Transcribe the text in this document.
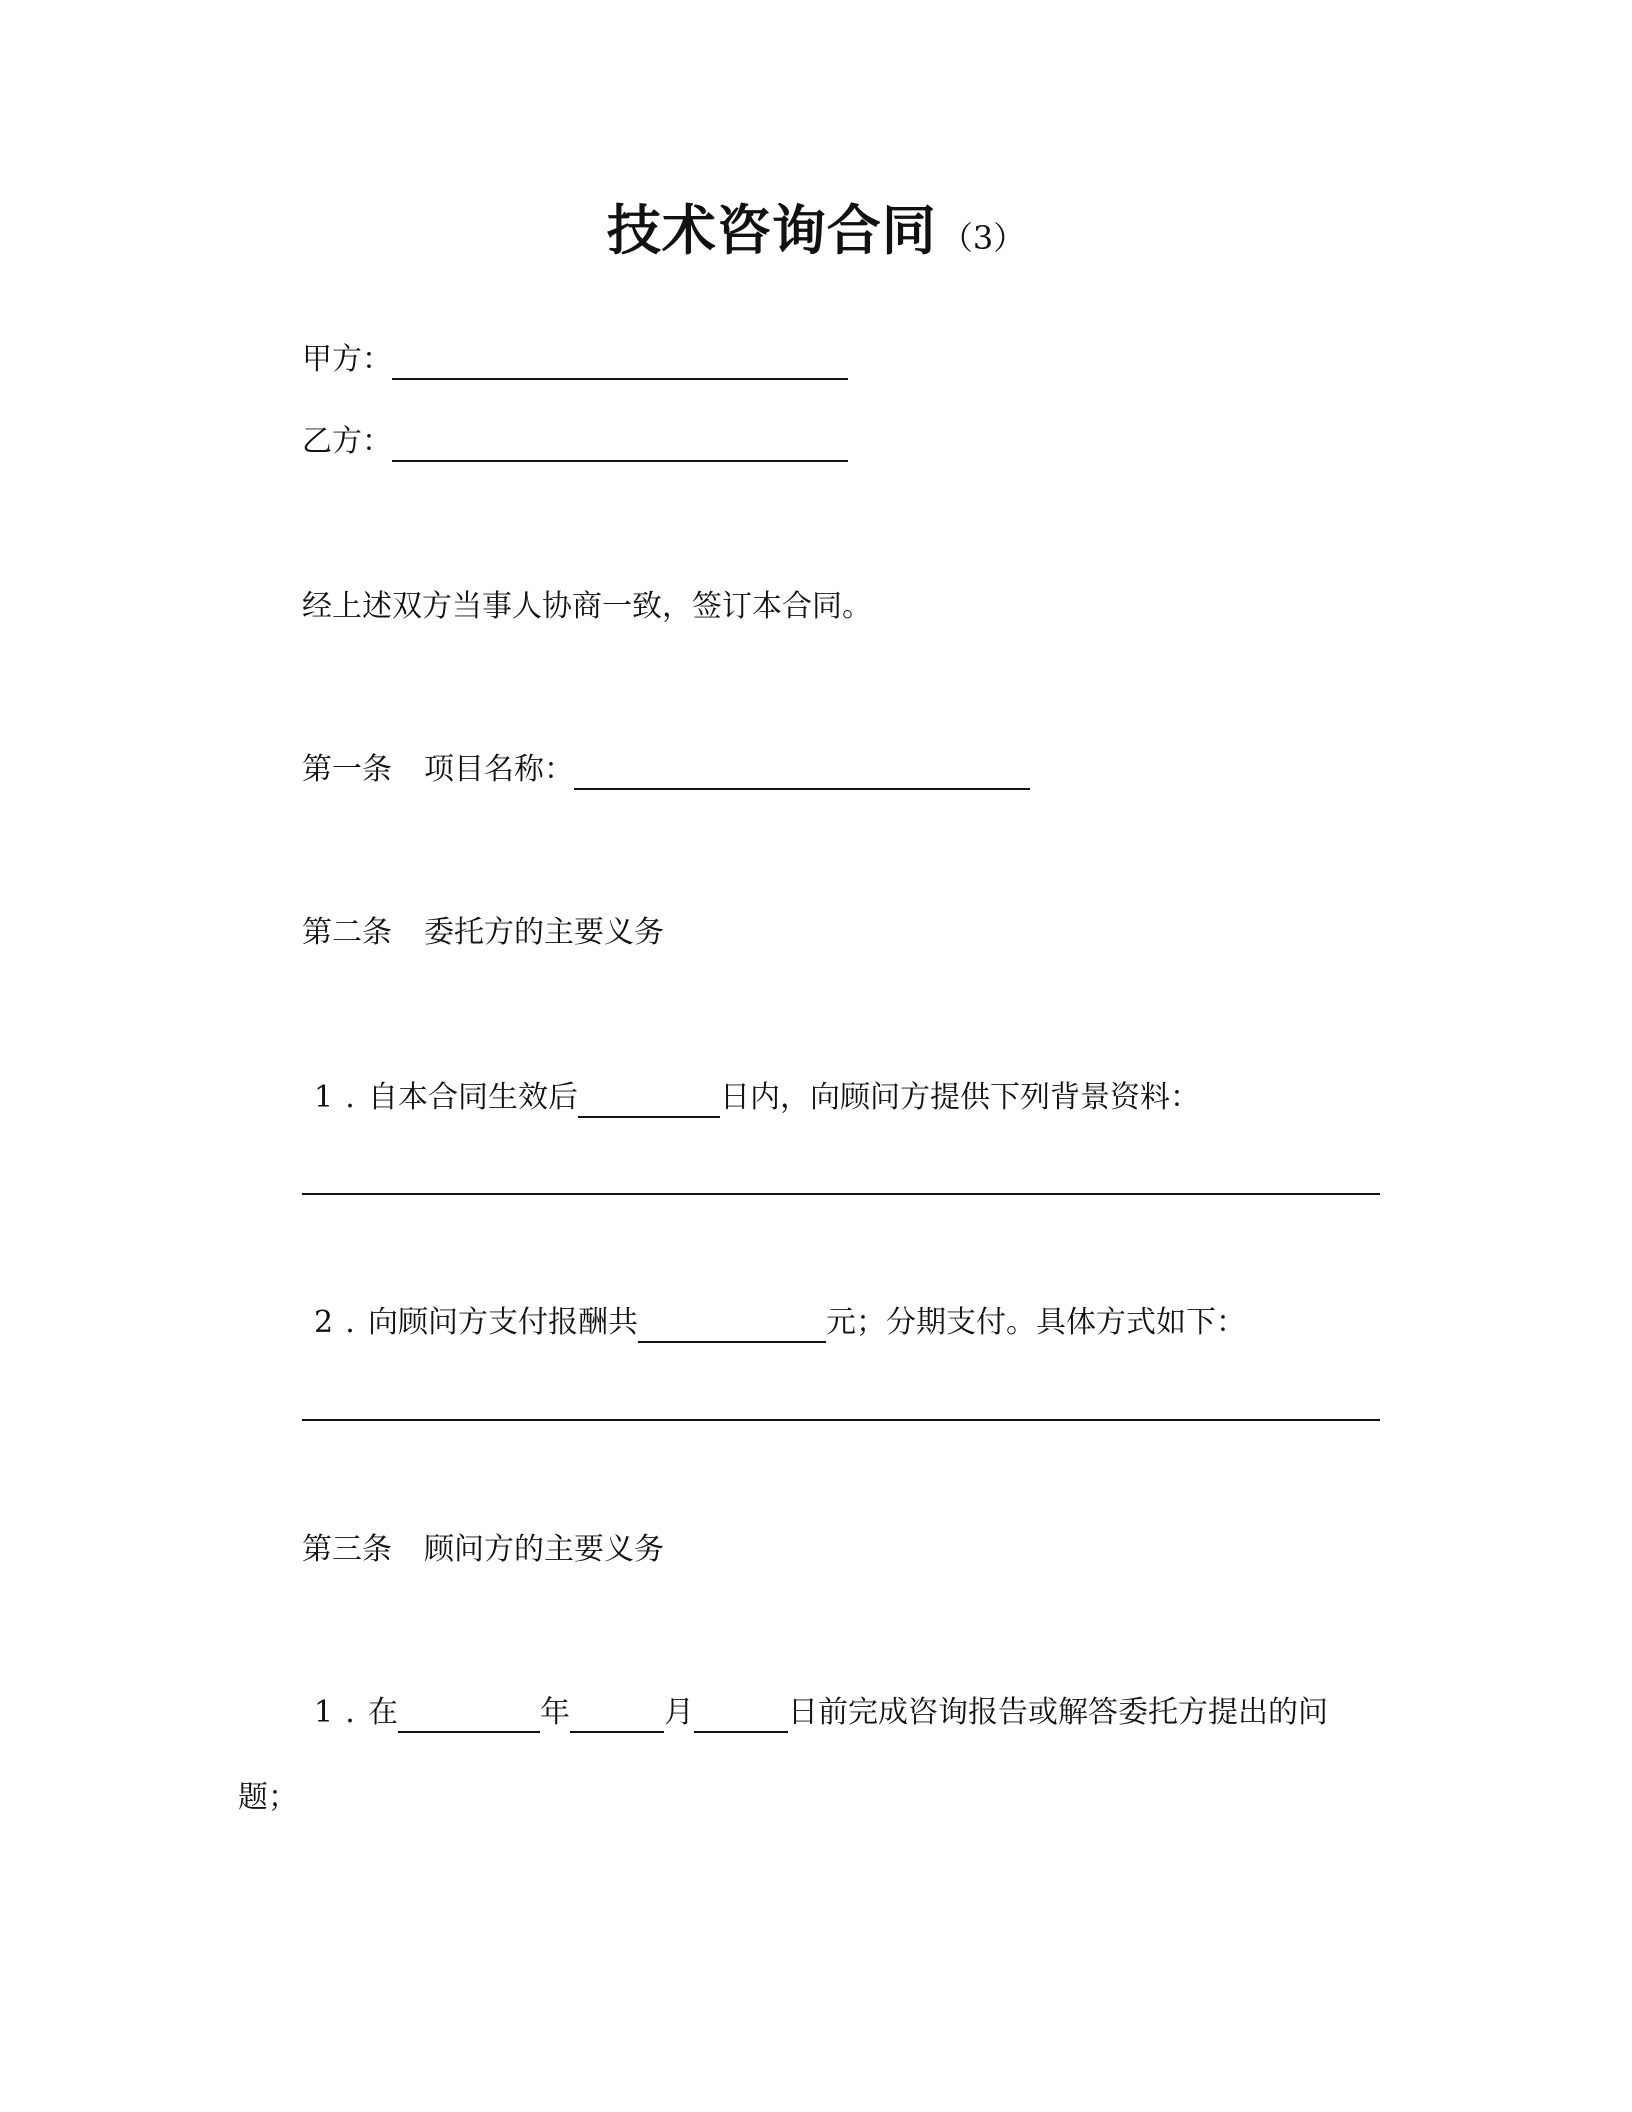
技术咨询合同 （3）
甲方：
乙方：
经上述双方当事人协商一致，签订本合同。
第一条 项目名称：
第二条 委托方的主要义务
1 . 自本合同生效后	日内，向顾问方提供下列背景资料：
2 . 向顾问方支付报酬共	元；分期支付。具体方式如下：
第三条 顾问方的主要义务
1 . 在	年	月	日前完成咨询报告或解答委托方提出的问
题；
